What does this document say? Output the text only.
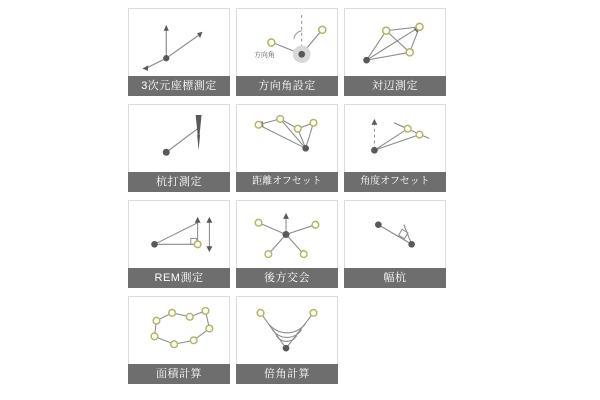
3次元座標測定
方向角
方向角設定	対辺測定
杭打測定	距離オフセット	角度オフセット
REM測定	後方交会	幅杭
面積計算	倍角計算
